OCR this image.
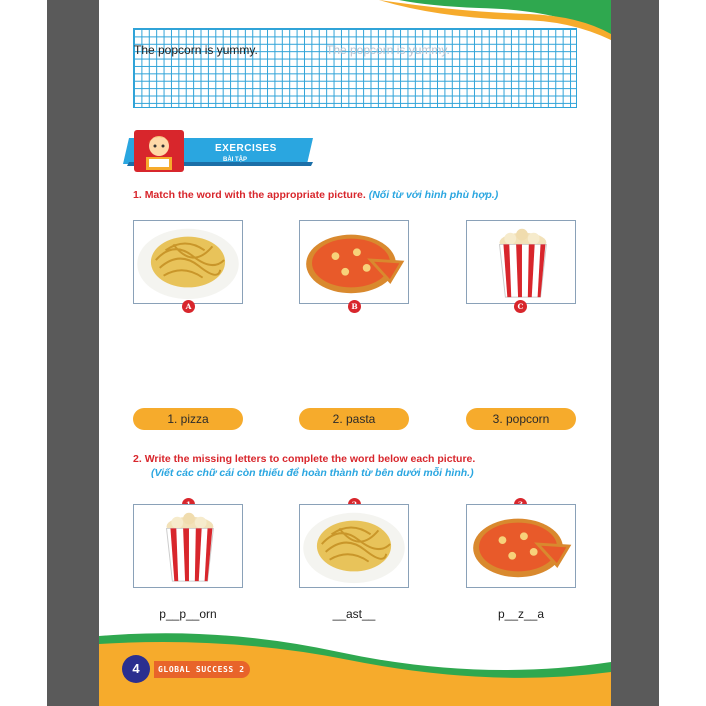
The popcorn is yummy.	The popcorn is yummy.
EXERCISES
BÀI TẬP
1. Match the word with the appropriate picture. (Nối từ với hình phù hợp.)
A	B	C
1. pizza	2. pasta	3. popcorn
2. Write the missing letters to complete the word below each picture.
(Viết các chữ cái còn thiếu để hoàn thành từ bên dưới mỗi hình.)
p__p__orn	__ast__	p__z__a
4	GLOBAL SUCCESS 2
